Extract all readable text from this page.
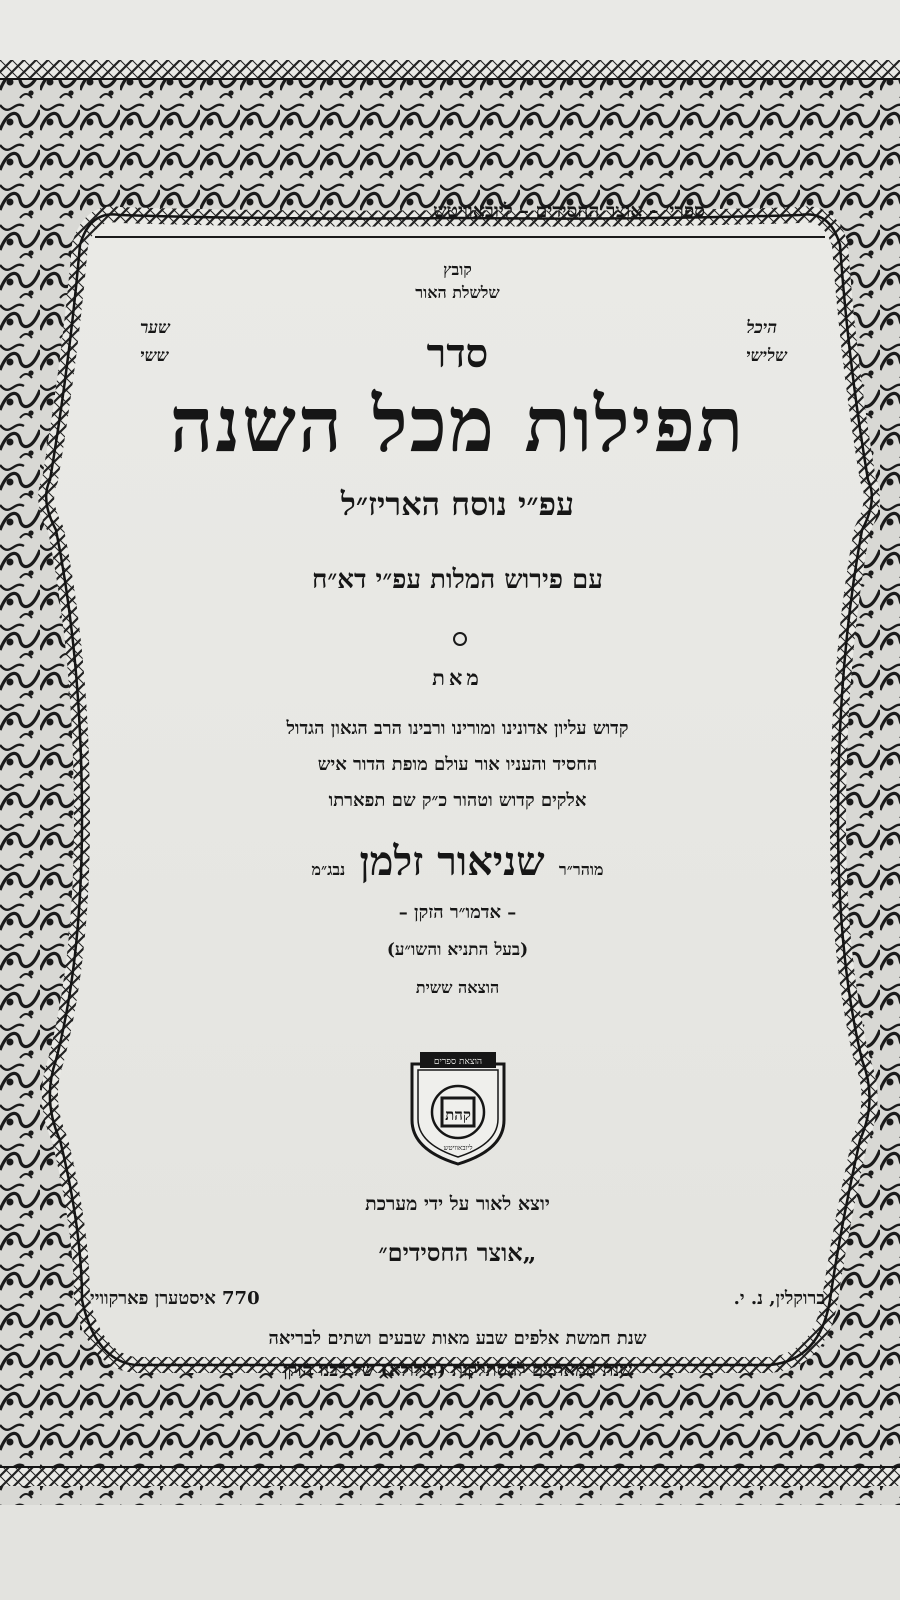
ספרי׳ – אוצר החסידים – ליובאוויטש
קובץ
שלשלת האור
היכל
שלישי
שער
ששי	סדר
תפילות מכל השנה
עפ״י נוסח האריז״ל
עם פירוש המלות עפ״י דא״ח
מאת
קדוש עליון אדונינו ומורינו ורבינו הרב הגאון הגדול
החסיד והעניו אור עולם מופת הדור איש
אלקים קדוש וטהור כ״ק שם תפארתו
מוהר״ר שניאור זלמן נבג״מ
– אדמו״ר הזקן –
(בעל התניא והשו״ע)
הוצאה ששית
הוצאת ספרים
קהת
ליובאוויטש
יוצא לאור על ידי מערכת
„אוצר החסידים״
ברוקלין, נ. י.
770 איסטערן פארקוויי
שנת חמשת אלפים שבע מאות שבעים ושתים לבריאה
שנת המאתיים להסתלקות (הילולא) של רבנו הזקן
